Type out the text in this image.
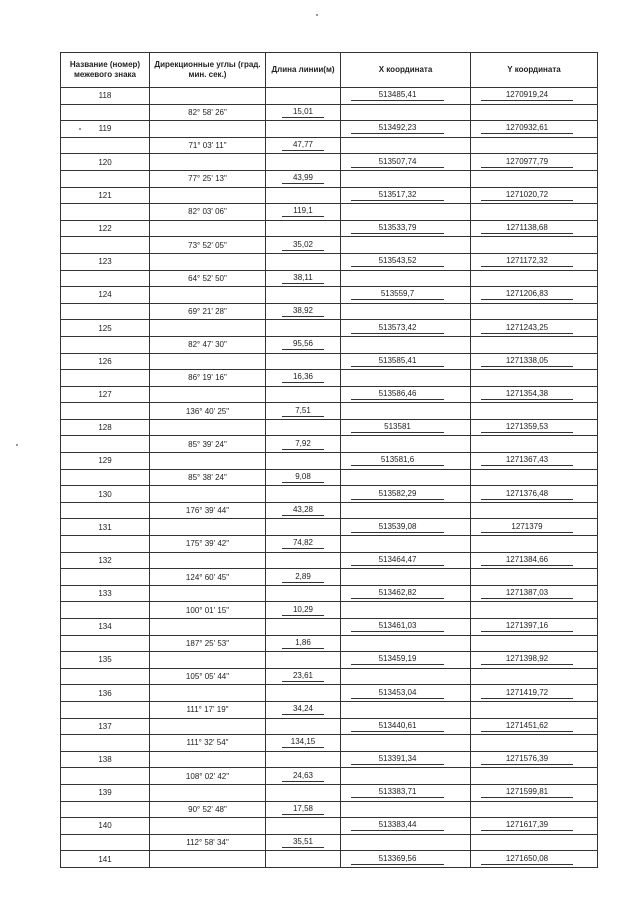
Название (номер) межевого знака	Дирекционные углы (град. мин. сек.)	Длина линии(м)	X координата	Y координата
118			513485,41	1270919,24

	82° 58' 26"	15,01		
119			513492,23	1270932,61

	71° 03' 11"	47,77		
120			513507,74	1270977,79

	77° 25' 13"	43,99		
121			513517,32	1271020,72

	82° 03' 06"	119,1		
122			513533,79	1271138,68

	73° 52' 05"	35,02		
123			513543,52	1271172,32

	64° 52' 50"	38,11		
124			513559,7	1271206,83

	69° 21' 28"	38,92		
125			513573,42	1271243,25

	82° 47' 30"	95,56		
126			513585,41	1271338,05

	86° 19' 16"	16,36		
127			513586,46	1271354,38

	136° 40' 25"	7,51		
128			513581	1271359,53

	85° 39' 24"	7,92		
129			513581,6	1271367,43

	85° 38' 24"	9,08		
130			513582,29	1271376,48

	176° 39' 44"	43,28		
131			513539,08	1271379

	175° 39' 42"	74,82		
132			513464,47	1271384,66

	124° 60' 45"	2,89		
133			513462,82	1271387,03

	100° 01' 15"	10,29		
134			513461,03	1271397,16

	187° 25' 53"	1,86		
135			513459,19	1271398,92

	105° 05' 44"	23,61		
136			513453,04	1271419,72

	111° 17' 19"	34,24		
137			513440,61	1271451,62

	111° 32' 54"	134,15		
138			513391,34	1271576,39

	108° 02' 42"	24,63		
139			513383,71	1271599,81

	90° 52' 48"	17,58		
140			513383,44	1271617,39

	112° 58' 34"	35,51		
141			513369,56	1271650,08
